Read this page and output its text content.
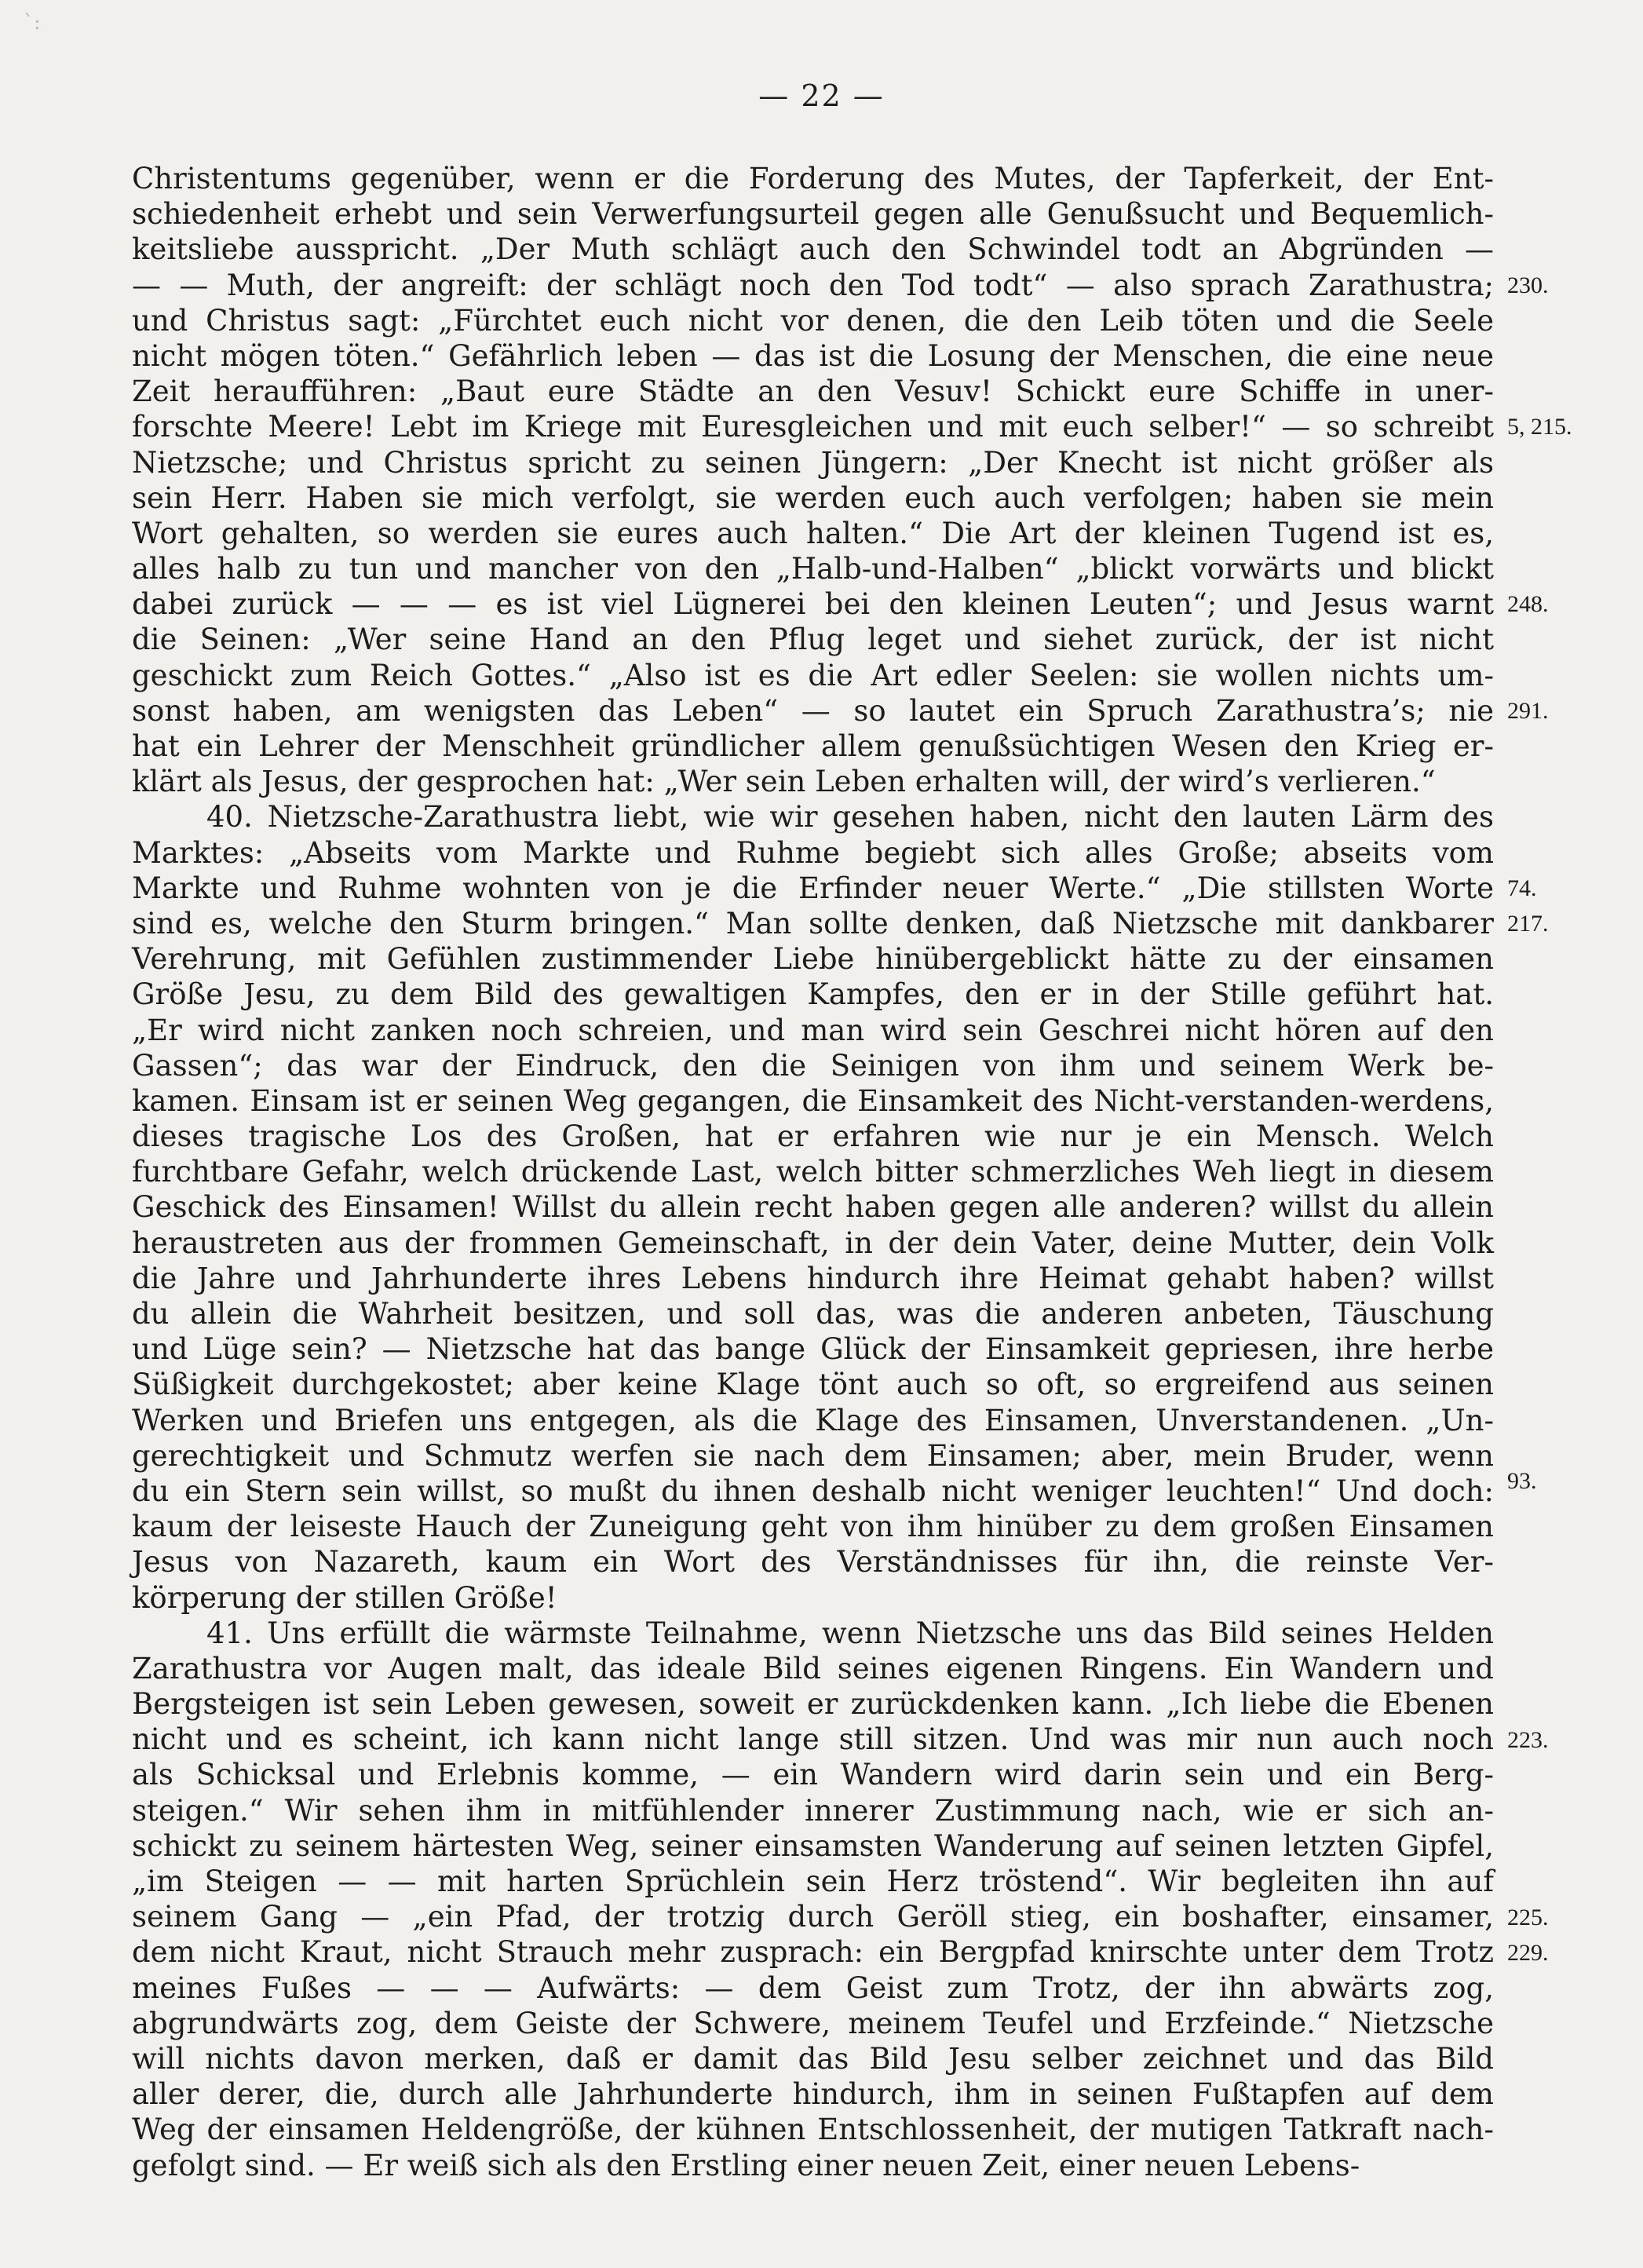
`:
— 22 —
Christentums gegenüber, wenn er die Forderung des Mutes, der Tapferkeit, der Ent-
schiedenheit erhebt und sein Verwerfungsurteil gegen alle Genußsucht und Bequemlich-
keitsliebe ausspricht. „Der Muth schlägt auch den Schwindel todt an Abgründen —
— — Muth, der angreift: der schlägt noch den Tod todt“ — also sprach Zarathustra;
und Christus sagt: „Fürchtet euch nicht vor denen, die den Leib töten und die Seele
nicht mögen töten.“ Gefährlich leben — das ist die Losung der Menschen, die eine neue
Zeit heraufführen: „Baut eure Städte an den Vesuv! Schickt eure Schiffe in uner-
forschte Meere! Lebt im Kriege mit Euresgleichen und mit euch selber!“ — so schreibt
Nietzsche; und Christus spricht zu seinen Jüngern: „Der Knecht ist nicht größer als
sein Herr. Haben sie mich verfolgt, sie werden euch auch verfolgen; haben sie mein
Wort gehalten, so werden sie eures auch halten.“ Die Art der kleinen Tugend ist es,
alles halb zu tun und mancher von den „Halb-und-Halben“ „blickt vorwärts und blickt
dabei zurück — — — es ist viel Lügnerei bei den kleinen Leuten“; und Jesus warnt
die Seinen: „Wer seine Hand an den Pflug leget und siehet zurück, der ist nicht
geschickt zum Reich Gottes.“ „Also ist es die Art edler Seelen: sie wollen nichts um-
sonst haben, am wenigsten das Leben“ — so lautet ein Spruch Zarathustra’s; nie
hat ein Lehrer der Menschheit gründlicher allem genußsüchtigen Wesen den Krieg er-
klärt als Jesus, der gesprochen hat: „Wer sein Leben erhalten will, der wird’s verlieren.“
40. Nietzsche-Zarathustra liebt, wie wir gesehen haben, nicht den lauten Lärm des
Marktes: „Abseits vom Markte und Ruhme begiebt sich alles Große; abseits vom
Markte und Ruhme wohnten von je die Erfinder neuer Werte.“ „Die stillsten Worte
sind es, welche den Sturm bringen.“ Man sollte denken, daß Nietzsche mit dankbarer
Verehrung, mit Gefühlen zustimmender Liebe hinübergeblickt hätte zu der einsamen
Größe Jesu, zu dem Bild des gewaltigen Kampfes, den er in der Stille geführt hat.
„Er wird nicht zanken noch schreien, und man wird sein Geschrei nicht hören auf den
Gassen“; das war der Eindruck, den die Seinigen von ihm und seinem Werk be-
kamen. Einsam ist er seinen Weg gegangen, die Einsamkeit des Nicht-verstanden-werdens,
dieses tragische Los des Großen, hat er erfahren wie nur je ein Mensch. Welch
furchtbare Gefahr, welch drückende Last, welch bitter schmerzliches Weh liegt in diesem
Geschick des Einsamen! Willst du allein recht haben gegen alle anderen? willst du allein
heraustreten aus der frommen Gemeinschaft, in der dein Vater, deine Mutter, dein Volk
die Jahre und Jahrhunderte ihres Lebens hindurch ihre Heimat gehabt haben? willst
du allein die Wahrheit besitzen, und soll das, was die anderen anbeten, Täuschung
und Lüge sein? — Nietzsche hat das bange Glück der Einsamkeit gepriesen, ihre herbe
Süßigkeit durchgekostet; aber keine Klage tönt auch so oft, so ergreifend aus seinen
Werken und Briefen uns entgegen, als die Klage des Einsamen, Unverstandenen. „Un-
gerechtigkeit und Schmutz werfen sie nach dem Einsamen; aber, mein Bruder, wenn
du ein Stern sein willst, so mußt du ihnen deshalb nicht weniger leuchten!“ Und doch:
kaum der leiseste Hauch der Zuneigung geht von ihm hinüber zu dem großen Einsamen
Jesus von Nazareth, kaum ein Wort des Verständnisses für ihn, die reinste Ver-
körperung der stillen Größe!
41. Uns erfüllt die wärmste Teilnahme, wenn Nietzsche uns das Bild seines Helden
Zarathustra vor Augen malt, das ideale Bild seines eigenen Ringens. Ein Wandern und
Bergsteigen ist sein Leben gewesen, soweit er zurückdenken kann. „Ich liebe die Ebenen
nicht und es scheint, ich kann nicht lange still sitzen. Und was mir nun auch noch
als Schicksal und Erlebnis komme, — ein Wandern wird darin sein und ein Berg-
steigen.“ Wir sehen ihm in mitfühlender innerer Zustimmung nach, wie er sich an-
schickt zu seinem härtesten Weg, seiner einsamsten Wanderung auf seinen letzten Gipfel,
„im Steigen — — mit harten Sprüchlein sein Herz tröstend“. Wir begleiten ihn auf
seinem Gang — „ein Pfad, der trotzig durch Geröll stieg, ein boshafter, einsamer,
dem nicht Kraut, nicht Strauch mehr zusprach: ein Bergpfad knirschte unter dem Trotz
meines Fußes — — — Aufwärts: — dem Geist zum Trotz, der ihn abwärts zog,
abgrundwärts zog, dem Geiste der Schwere, meinem Teufel und Erzfeinde.“ Nietzsche
will nichts davon merken, daß er damit das Bild Jesu selber zeichnet und das Bild
aller derer, die, durch alle Jahrhunderte hindurch, ihm in seinen Fußtapfen auf dem
Weg der einsamen Heldengröße, der kühnen Entschlossenheit, der mutigen Tatkraft nach-
gefolgt sind. — Er weiß sich als den Erstling einer neuen Zeit, einer neuen Lebens-
230.
5, 215.
248.
291.
74.
217.
93.
223.
225.
229.
